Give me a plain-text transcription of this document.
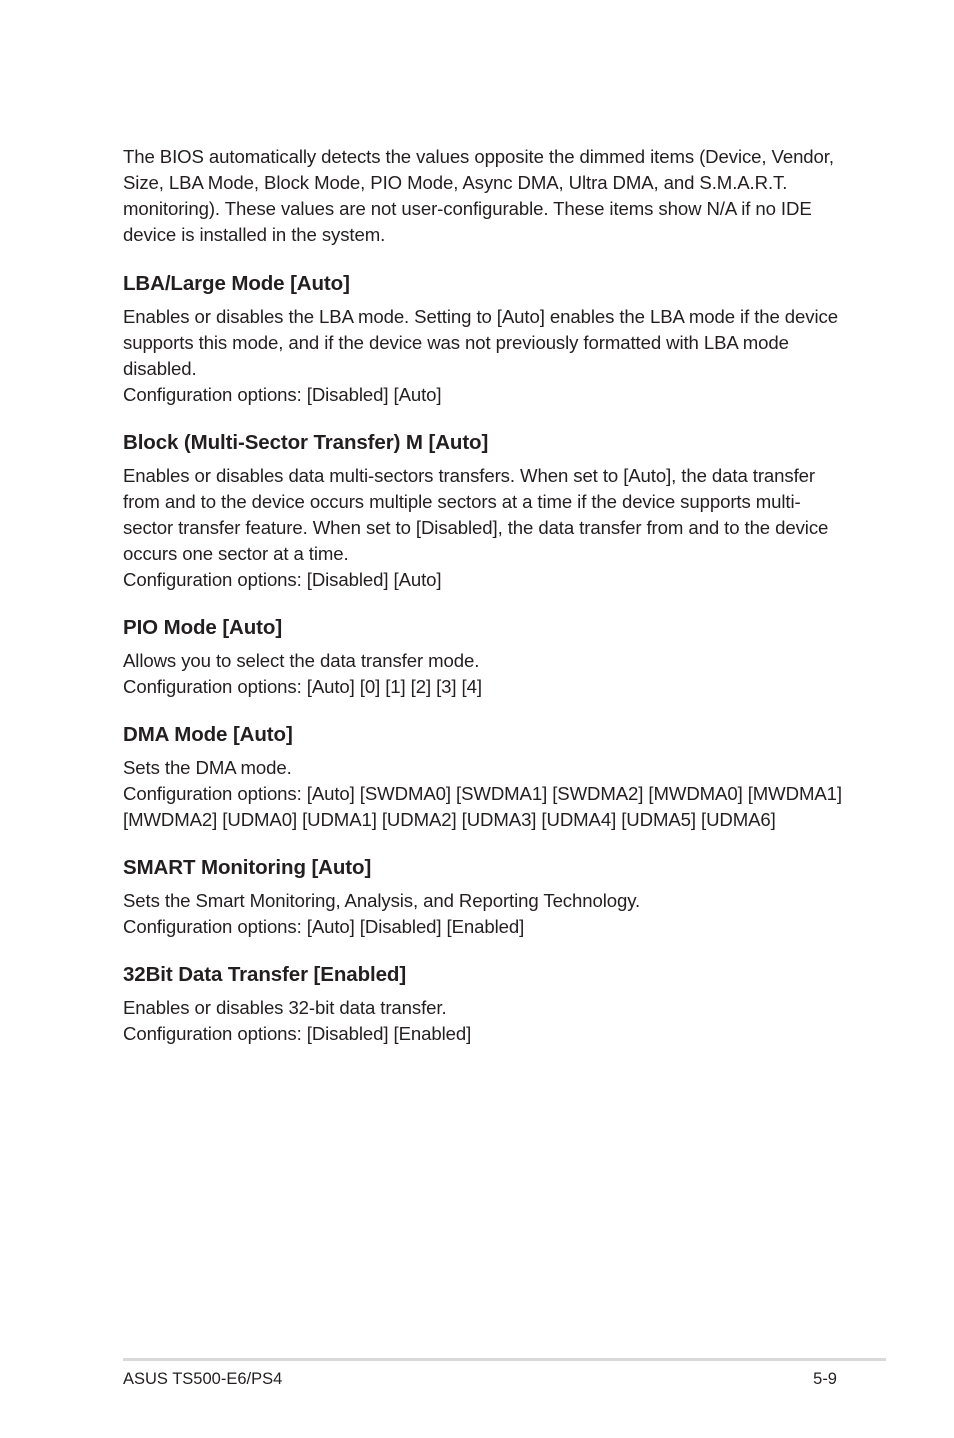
The BIOS automatically detects the values opposite the dimmed items (Device, Vendor, Size, LBA Mode, Block Mode, PIO Mode, Async DMA, Ultra DMA, and S.M.A.R.T. monitoring). These values are not user-configurable. These items show N/A if no IDE device is installed in the system.

LBA/Large Mode [Auto]

Enables or disables the LBA mode. Setting to [Auto] enables the LBA mode if the device supports this mode, and if the device was not previously formatted with LBA mode disabled.

Configuration options: [Disabled] [Auto]

Block (Multi-Sector Transfer) M [Auto]

Enables or disables data multi-sectors transfers. When set to [Auto], the data transfer from and to the device occurs multiple sectors at a time if the device supports multi-sector transfer feature. When set to [Disabled], the data transfer from and to the device occurs one sector at a time.

Configuration options: [Disabled] [Auto]

PIO Mode [Auto]

Allows you to select the data transfer mode.

Configuration options: [Auto] [0] [1] [2] [3] [4]

DMA Mode [Auto]

Sets the DMA mode.

Configuration options: [Auto] [SWDMA0] [SWDMA1] [SWDMA2] [MWDMA0] [MWDMA1] [MWDMA2] [UDMA0] [UDMA1] [UDMA2] [UDMA3] [UDMA4] [UDMA5] [UDMA6]

SMART Monitoring [Auto]

Sets the Smart Monitoring, Analysis, and Reporting Technology.

Configuration options: [Auto] [Disabled] [Enabled]

32Bit Data Transfer [Enabled]

Enables or disables 32-bit data transfer.

Configuration options: [Disabled] [Enabled]

ASUS TS500-E6/PS4	5-9
